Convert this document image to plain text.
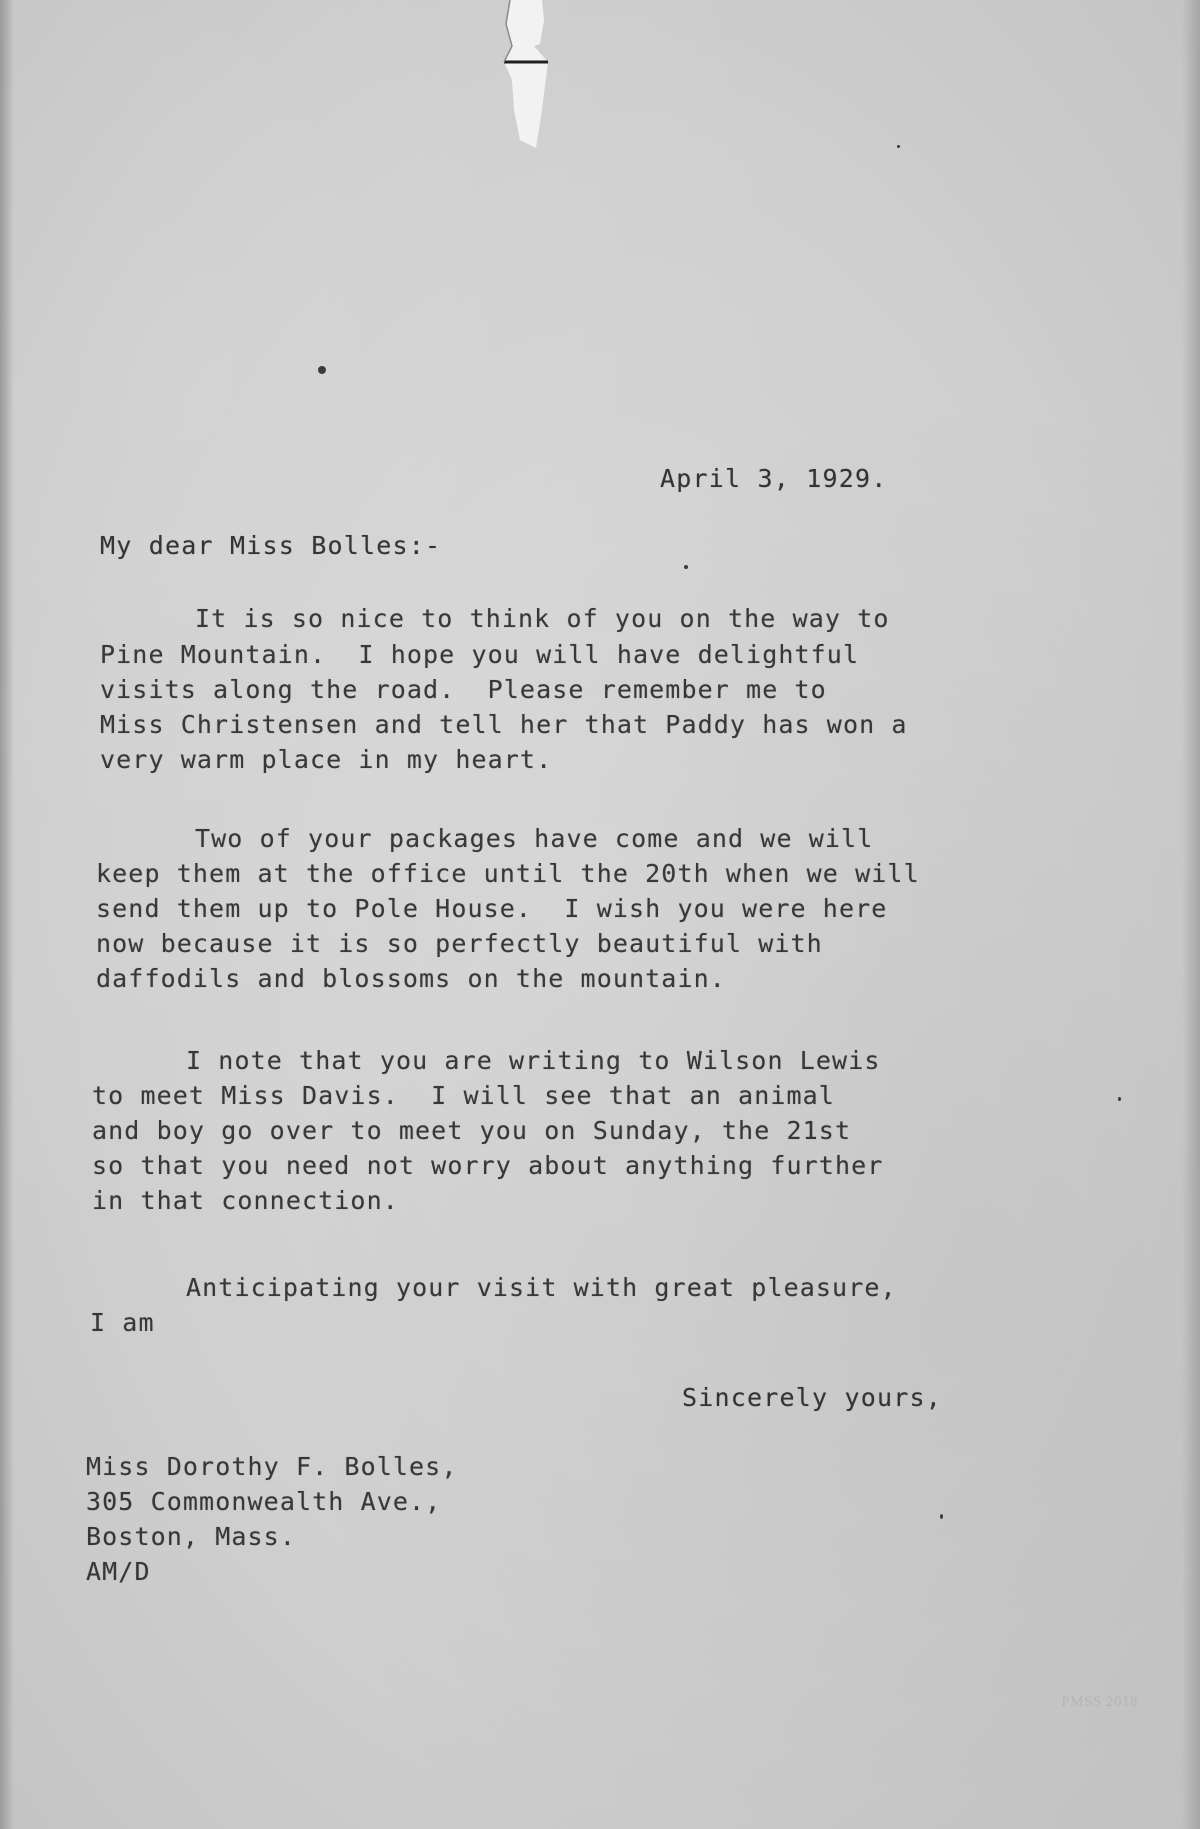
April 3, 1929.
My dear Miss Bolles:-
It is so nice to think of you on the way to
Pine Mountain.  I hope you will have delightful
visits along the road.  Please remember me to
Miss Christensen and tell her that Paddy has won a
very warm place in my heart.
Two of your packages have come and we will
keep them at the office until the 20th when we will
send them up to Pole House.  I wish you were here
now because it is so perfectly beautiful with
daffodils and blossoms on the mountain.
I note that you are writing to Wilson Lewis
to meet Miss Davis.  I will see that an animal
and boy go over to meet you on Sunday, the 21st
so that you need not worry about anything further
in that connection.
Anticipating your visit with great pleasure,
I am
Sincerely yours,
Miss Dorothy F. Bolles,
305 Commonwealth Ave.,
Boston, Mass.
AM/D
PMSS 2018
